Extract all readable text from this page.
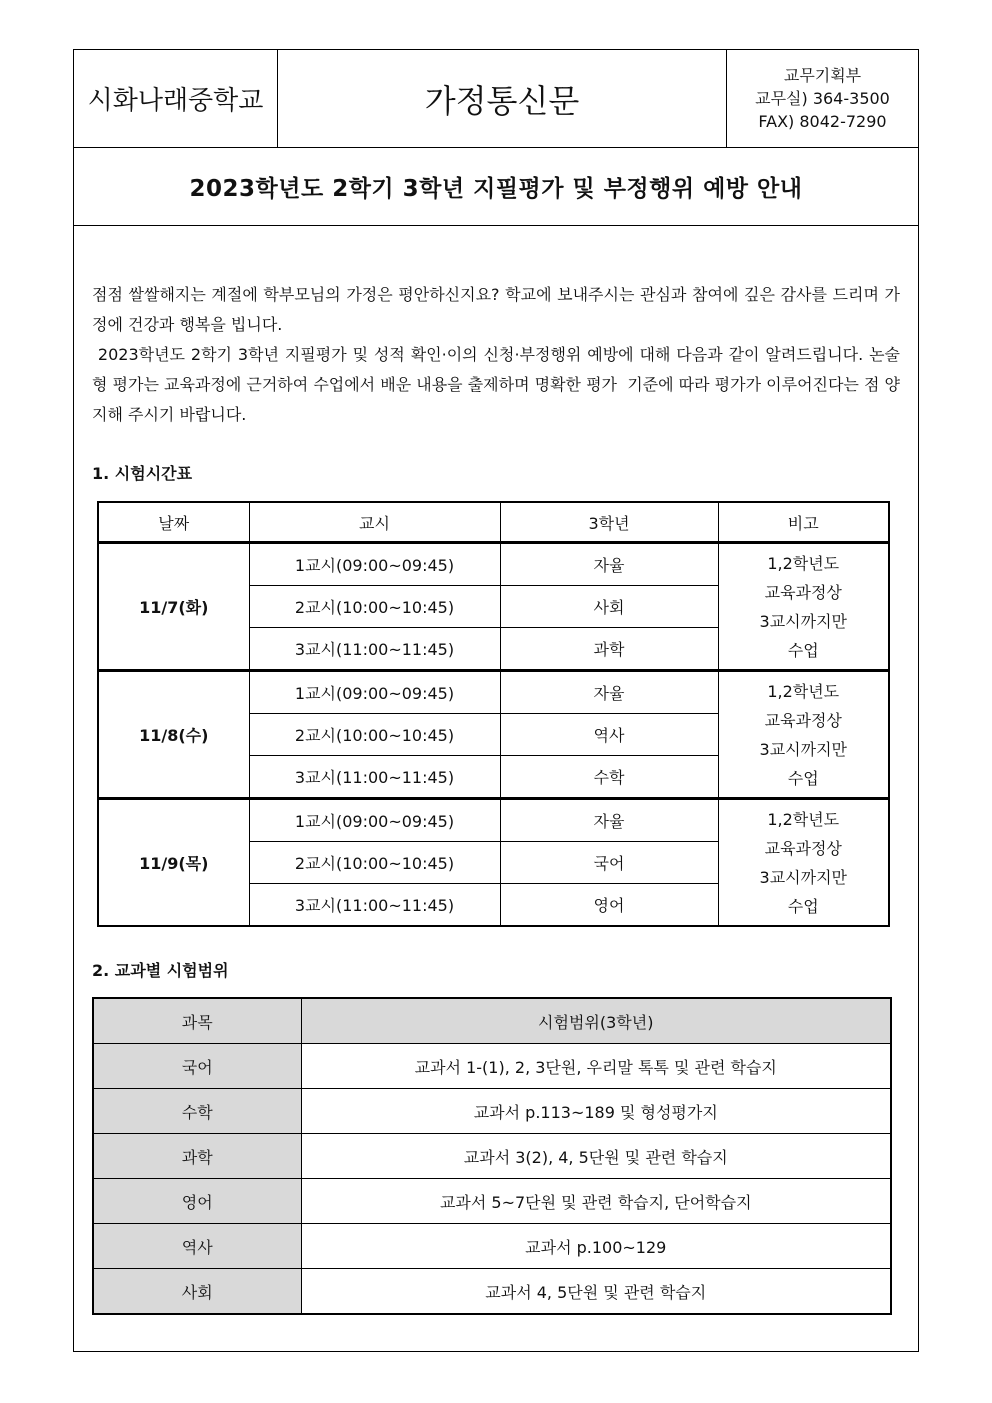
시화나래중학교	가정통신문
교무기획부
교무실) 364-3500
FAX) 8042-7290
2023학년도 2학기 3학년 지필평가 및 부정행위 예방 안내

점점 쌀쌀해지는 계절에 학부모님의 가정은 평안하신지요? 학교에 보내주시는 관심과 참여에 깊은 감사를 드리며 가정에 건강과 행복을 빕니다.

2023학년도 2학기 3학년 지필평가 및 성적 확인·이의 신청·부정행위 예방에 대해 다음과 같이 알려드립니다. 논술형 평가는 교육과정에 근거하여 수업에서 배운 내용을 출제하며 명확한 평가  기준에 따라 평가가 이루어진다는 점 양지해 주시기 바랍니다.

1. 시험시간표
날짜	교시	3학년	비고
11/7(화)	1교시(09:00~09:45)	자율	1,2학년도
교육과정상
3교시까지만
수업

	2교시(10:00~10:45)	사회	
	3교시(11:00~11:45)	과학	
11/8(수)	1교시(09:00~09:45)	자율	1,2학년도
교육과정상
3교시까지만
수업

	2교시(10:00~10:45)	역사	
	3교시(11:00~11:45)	수학	
11/9(목)	1교시(09:00~09:45)	자율	1,2학년도
교육과정상
3교시까지만
수업

	2교시(10:00~10:45)	국어	
	3교시(11:00~11:45)	영어	
2. 교과별 시험범위
과목	시험범위(3학년)
국어	교과서 1-(1), 2, 3단원, 우리말 톡톡 및 관련 학습지
수학	교과서 p.113~189 및 형성평가지
과학	교과서 3(2), 4, 5단원 및 관련 학습지
영어	교과서 5~7단원 및 관련 학습지, 단어학습지
역사	교과서 p.100~129
사회	교과서 4, 5단원 및 관련 학습지
